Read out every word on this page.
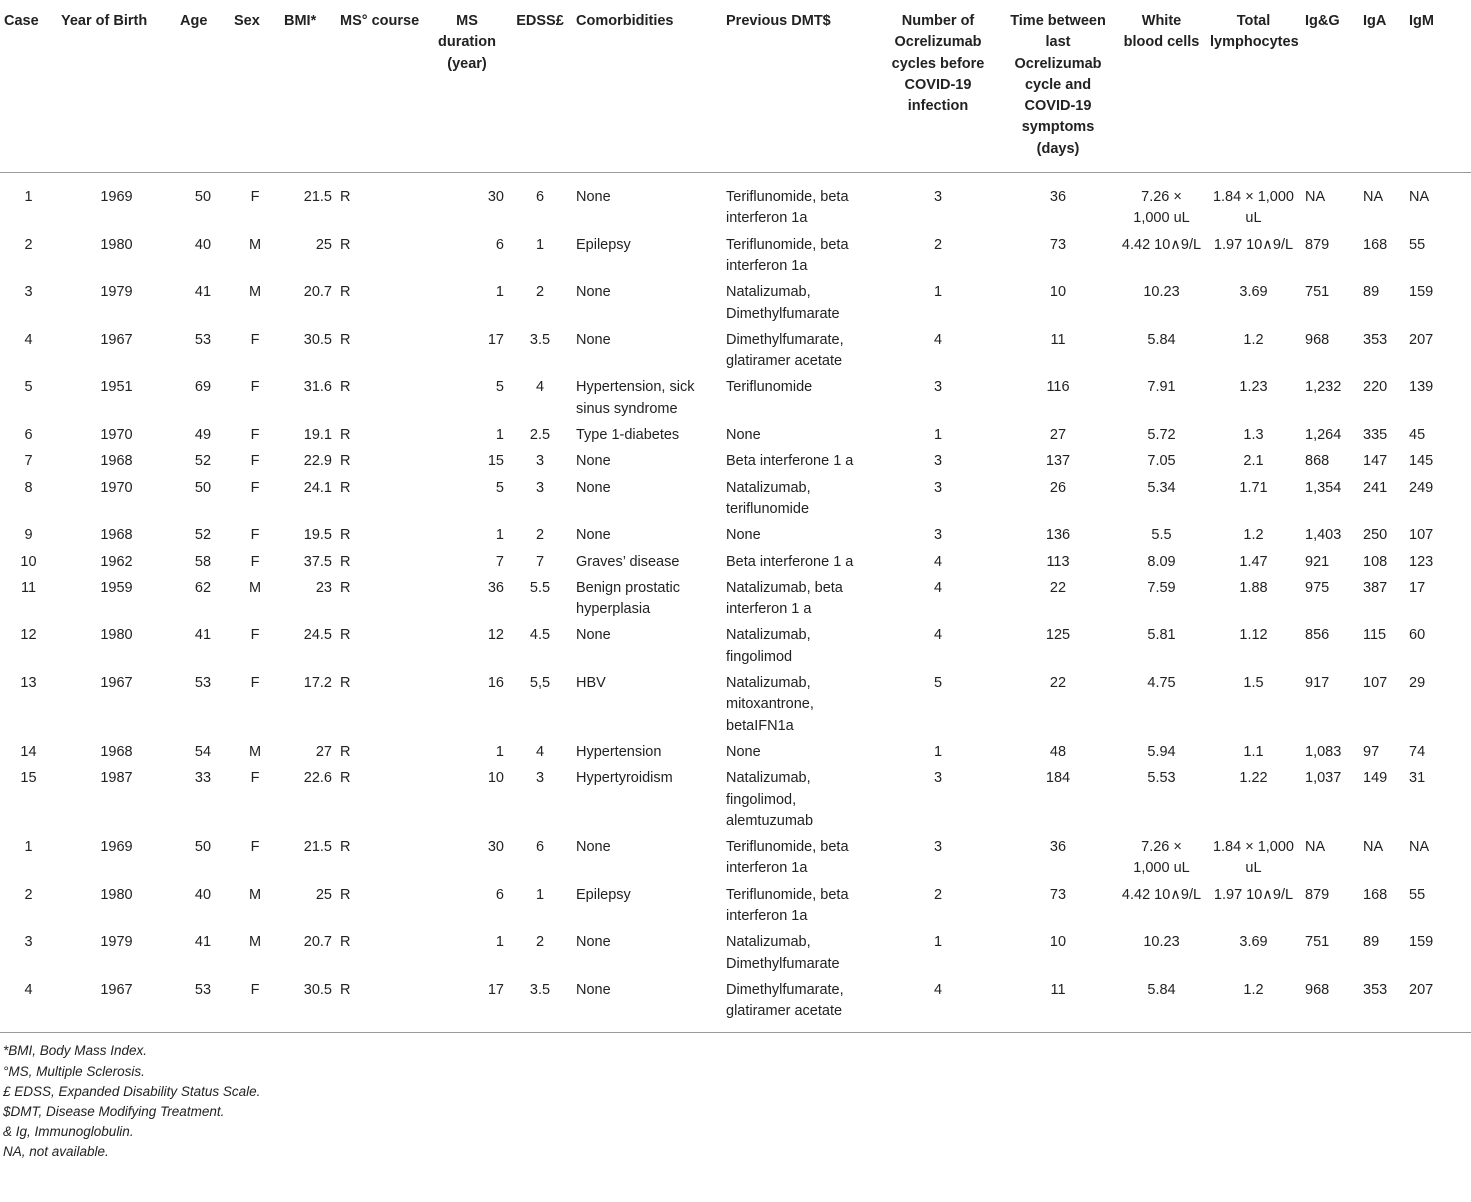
Case	Year of Birth	Age	Sex	BMI*	MS° course	MS duration (year)	EDSS£	Comorbidities	Previous DMT$	Number of Ocrelizumab cycles before COVID-19 infection	Time between last Ocrelizumab cycle and COVID-19 symptoms (days)	White blood cells	Total lymphocytes	Ig&G	IgA	IgM
1	1969	50	F	21.5	R	30	6	None	Teriflunomide, beta interferon 1a	3	36	7.26 × 1,000 uL	1.84 × 1,000 uL	NA	NA	NA
2	1980	40	M	25	R	6	1	Epilepsy	Teriflunomide, beta interferon 1a	2	73	4.42 10∧9/L	1.97 10∧9/L	879	168	55
3	1979	41	M	20.7	R	1	2	None	Natalizumab, Dimethylfumarate	1	10	10.23	3.69	751	89	159
4	1967	53	F	30.5	R	17	3.5	None	Dimethylfumarate, glatiramer acetate	4	11	5.84	1.2	968	353	207
5	1951	69	F	31.6	R	5	4	Hypertension, sick sinus syndrome	Teriflunomide	3	116	7.91	1.23	1,232	220	139
6	1970	49	F	19.1	R	1	2.5	Type 1-diabetes	None	1	27	5.72	1.3	1,264	335	45
7	1968	52	F	22.9	R	15	3	None	Beta interferone 1 a	3	137	7.05	2.1	868	147	145
8	1970	50	F	24.1	R	5	3	None	Natalizumab, teriflunomide	3	26	5.34	1.71	1,354	241	249
9	1968	52	F	19.5	R	1	2	None	None	3	136	5.5	1.2	1,403	250	107
10	1962	58	F	37.5	R	7	7	Graves’ disease	Beta interferone 1 a	4	113	8.09	1.47	921	108	123
11	1959	62	M	23	R	36	5.5	Benign prostatic hyperplasia	Natalizumab, beta interferon 1 a	4	22	7.59	1.88	975	387	17
12	1980	41	F	24.5	R	12	4.5	None	Natalizumab, fingolimod	4	125	5.81	1.12	856	115	60
13	1967	53	F	17.2	R	16	5,5	HBV	Natalizumab, mitoxantrone, betaIFN1a	5	22	4.75	1.5	917	107	29
14	1968	54	M	27	R	1	4	Hypertension	None	1	48	5.94	1.1	1,083	97	74
15	1987	33	F	22.6	R	10	3	Hypertyroidism	Natalizumab, fingolimod, alemtuzumab	3	184	5.53	1.22	1,037	149	31
1	1969	50	F	21.5	R	30	6	None	Teriflunomide, beta interferon 1a	3	36	7.26 × 1,000 uL	1.84 × 1,000 uL	NA	NA	NA
2	1980	40	M	25	R	6	1	Epilepsy	Teriflunomide, beta interferon 1a	2	73	4.42 10∧9/L	1.97 10∧9/L	879	168	55
3	1979	41	M	20.7	R	1	2	None	Natalizumab, Dimethylfumarate	1	10	10.23	3.69	751	89	159
4	1967	53	F	30.5	R	17	3.5	None	Dimethylfumarate, glatiramer acetate	4	11	5.84	1.2	968	353	207
*BMI, Body Mass Index.
°MS, Multiple Sclerosis.
£ EDSS, Expanded Disability Status Scale.
$DMT, Disease Modifying Treatment.
& Ig, Immunoglobulin.
NA, not available.
